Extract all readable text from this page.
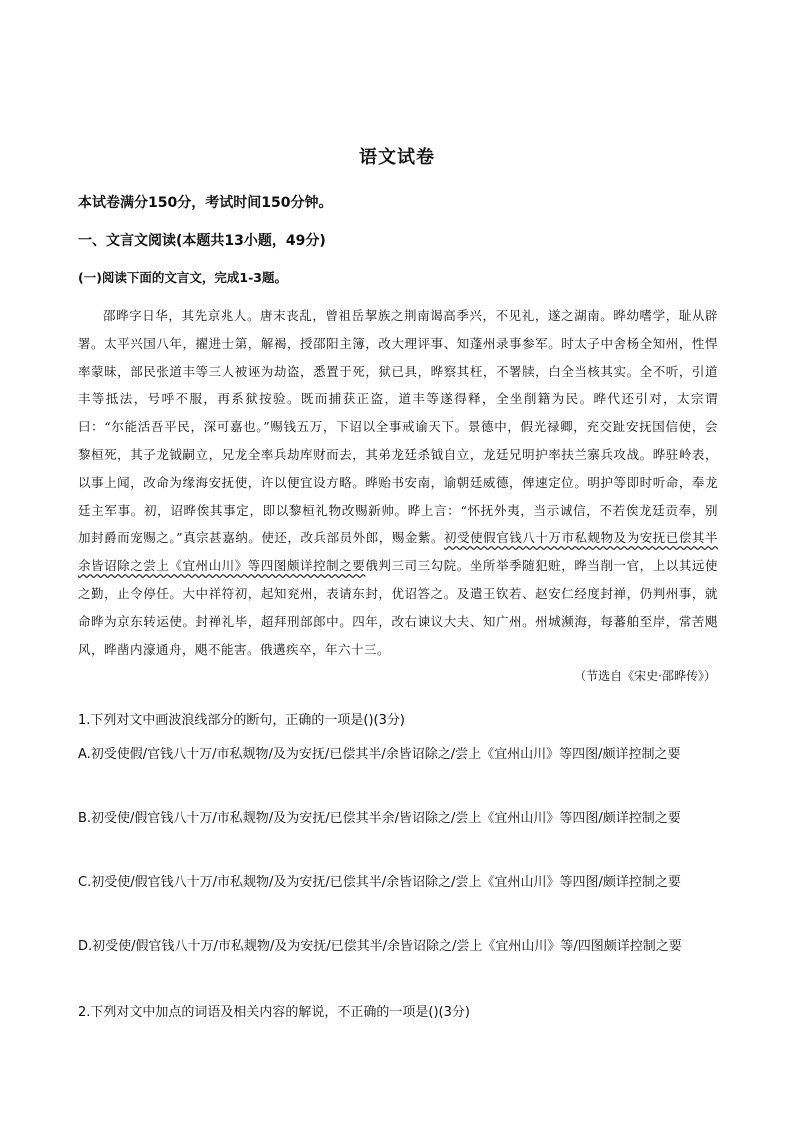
语文试卷
本试卷满分150分，考试时间150分钟。
一、文言文阅读(本题共13小题，49分)
(一)阅读下面的文言文，完成1-3题。
邵晔字日华，其先京兆人。唐末丧乱，曾祖岳挈族之荆南谒高季兴，不见礼，遂之湖南。晔幼嗜学，耻从辟署。太平兴国八年，擢进士第，解褐，授邵阳主簿，改大理评事、知蓬州录事参军。时太子中舍杨全知州，性悍率蒙昧，部民张道丰等三人被诬为劫盗，悉置于死，狱已具，晔察其枉，不署牍，白全当核其实。全不听，引道丰等抵法，号呼不服，再系狱按验。既而捕获正盗，道丰等遂得释，全坐削籍为民。晔代还引对，太宗谓曰：“尔能活吾平民，深可嘉也。”赐钱五万，下诏以全事戒谕天下。景德中，假光禄卿，充交趾安抚国信使，会黎桓死，其子龙钺嗣立，兄龙全率兵劫库财而去，其弟龙廷杀钺自立，龙廷兄明护率扶兰寨兵攻战。晔驻岭表，以事上闻，改命为缘海安抚使，许以便宜设方略。晔贻书安南，谕朝廷威德，俾速定位。明护等即时听命，奉龙廷主军事。初，诏晔俟其事定，即以黎桓礼物改赐新帅。晔上言：“怀抚外夷，当示诚信，不若俟龙廷贡奉，别加封爵而宠赐之。”真宗甚嘉纳。使还，改兵部员外郎，赐金紫。初受使假官钱八十万市私觌物及为安抚已偿其半余皆诏除之尝上《宜州山川》等四图颇详控制之要俄判三司三勾院。坐所举季随犯赃，晔当削一官，上以其远使之勤，止令停任。大中祥符初，起知兖州，表请东封，优诏答之。及遣王钦若、赵安仁经度封禅，仍判州事，就命晔为京东转运使。封禅礼毕，超拜刑部郎中。四年，改右谏议大夫、知广州。州城濒海，每蕃舶至岸，常苦飓风，晔凿内濠通舟，飓不能害。俄遘疾卒，年六十三。
（节选自《宋史·邵晔传》）
1.下列对文中画波浪线部分的断句，正确的一项是()(3分)
A.初受使假/官钱八十万/市私觌物/及为安抚/已偿其半/余皆诏除之/尝上《宜州山川》等四图/颇详控制之要
B.初受使/假官钱八十万/市私觌物/及为安抚/已偿其半余/皆诏除之/尝上《宜州山川》等四图/颇详控制之要
C.初受使/假官钱八十万/市私觌物/及为安抚/已偿其半/余皆诏除之/尝上《宜州山川》等四图/颇详控制之要
D.初受使/假官钱八十万/市私觌物/及为安抚/已偿其半/余皆诏除之/尝上《宜州山川》等/四图颇详控制之要
2.下列对文中加点的词语及相关内容的解说，不正确的一项是()(3分)
